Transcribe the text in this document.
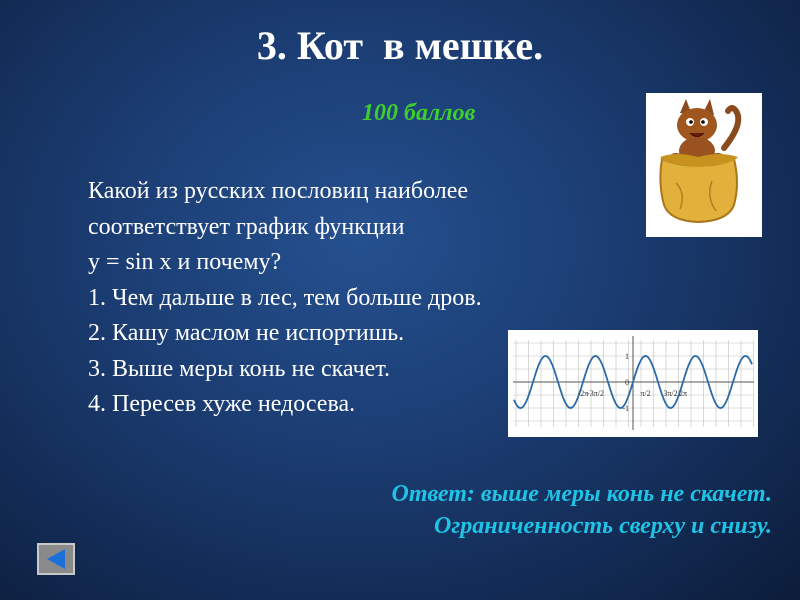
3. Кот  в мешке.
100 баллов
Какой из русских пословиц наиболее
соответствует график функции
y = sin x и почему?
1. Чем дальше в лес, тем больше дров.
2. Кашу маслом не испортишь.
3. Выше меры конь не скачет.
4. Пересев хуже недосева.
1
0
-1
-2π
-3π/2	π/2 3π/2 2π
Ответ: выше меры конь не скачет.
Ограниченность сверху и снизу.
